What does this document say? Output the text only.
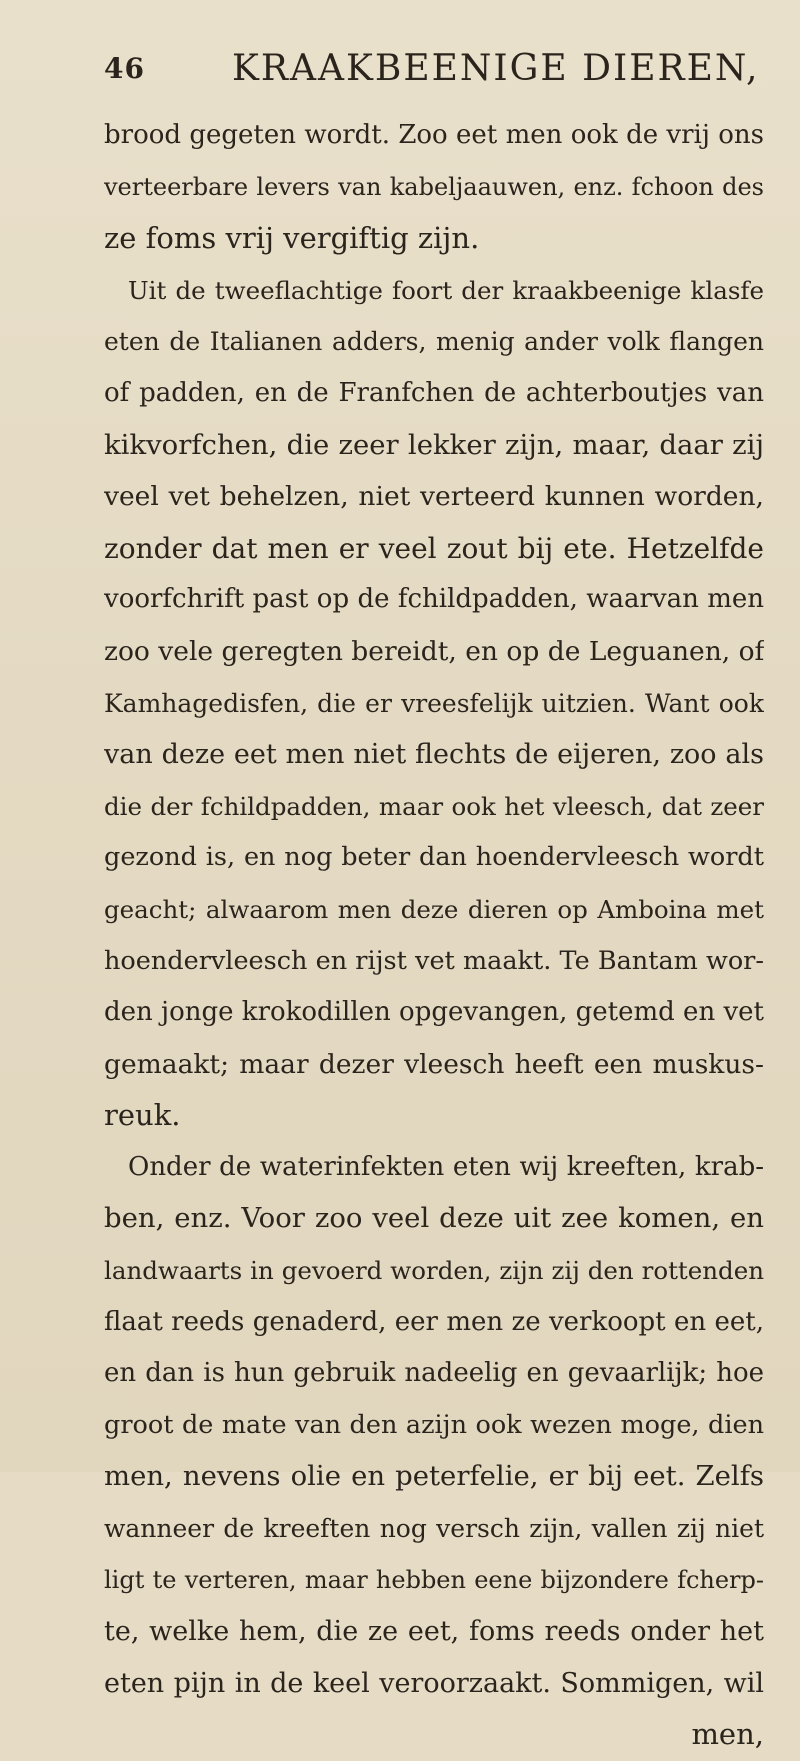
46 KRAAKBEENIGE DIEREN,
brood gegeten wordt. Zoo eet men ook de vrij ons
verteerbare levers van kabeljaauwen, enz. fchoon des
ze foms vrij vergiftig zijn.
Uit de tweeflachtige foort der kraakbeenige klasfe
eten de Italianen adders, menig ander volk flangen
of padden, en de Franfchen de achterboutjes van
kikvorfchen, die zeer lekker zijn, maar, daar zij
veel vet behelzen, niet verteerd kunnen worden,
zonder dat men er veel zout bij ete. Hetzelfde
voorfchrift past op de fchildpadden, waarvan men
zoo vele geregten bereidt, en op de Leguanen, of
Kamhagedisfen, die er vreesfelijk uitzien. Want ook
van deze eet men niet flechts de eijeren, zoo als
die der fchildpadden, maar ook het vleesch, dat zeer
gezond is, en nog beter dan hoendervleesch wordt
geacht; alwaarom men deze dieren op Amboina met
hoendervleesch en rijst vet maakt. Te Bantam wor-
den jonge krokodillen opgevangen, getemd en vet
gemaakt; maar dezer vleesch heeft een muskus-
reuk.
Onder de waterinfekten eten wij kreeften, krab-
ben, enz. Voor zoo veel deze uit zee komen, en
landwaarts in gevoerd worden, zijn zij den rottenden
flaat reeds genaderd, eer men ze verkoopt en eet,
en dan is hun gebruik nadeelig en gevaarlijk; hoe
groot de mate van den azijn ook wezen moge, dien
men, nevens olie en peterfelie, er bij eet. Zelfs
wanneer de kreeften nog versch zijn, vallen zij niet
ligt te verteren, maar hebben eene bijzondere fcherp-
te, welke hem, die ze eet, foms reeds onder het
eten pijn in de keel veroorzaakt. Sommigen, wil
men,
